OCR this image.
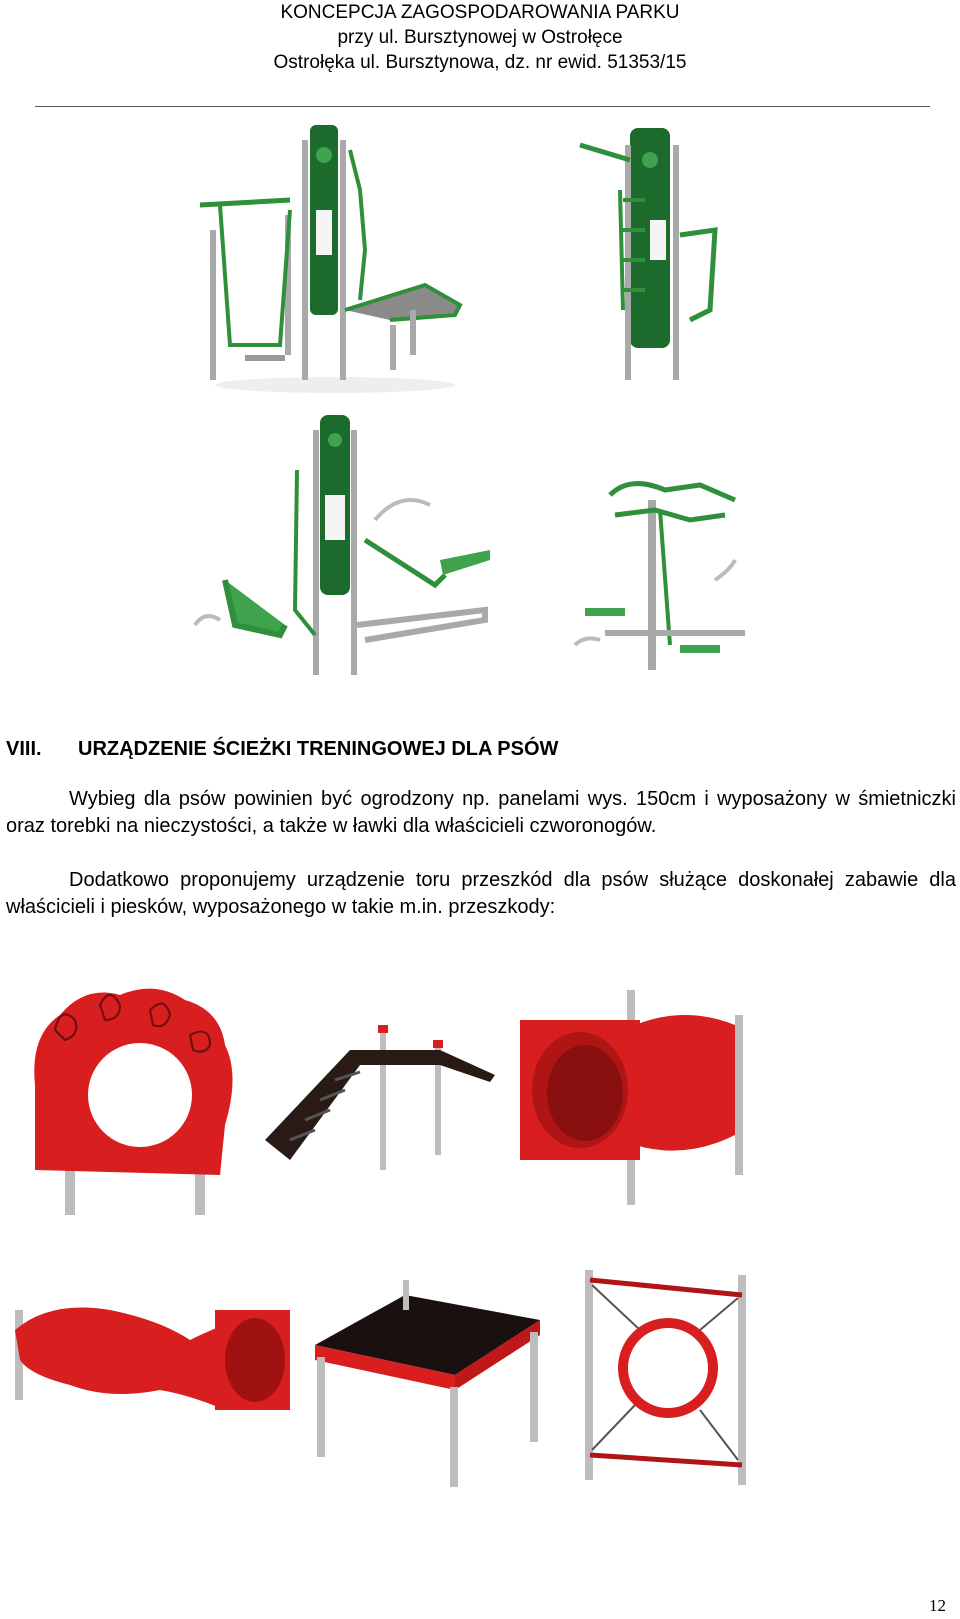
KONCEPCJA ZAGOSPODAROWANIA PARKU
przy ul. Bursztynowej w Ostrołęce
Ostrołęka ul. Bursztynowa, dz. nr ewid. 51353/15
VIII. URZĄDZENIE ŚCIEŻKI TRENINGOWEJ DLA PSÓW
Wybieg dla psów powinien być ogrodzony np. panelami wys. 150cm i wyposażony w śmietniczki oraz torebki na nieczystości, a także w ławki dla właścicieli czworonogów.
Dodatkowo proponujemy urządzenie toru przeszkód dla psów służące doskonałej zabawie dla właścicieli i piesków, wyposażonego w takie m.in. przeszkody:
12
